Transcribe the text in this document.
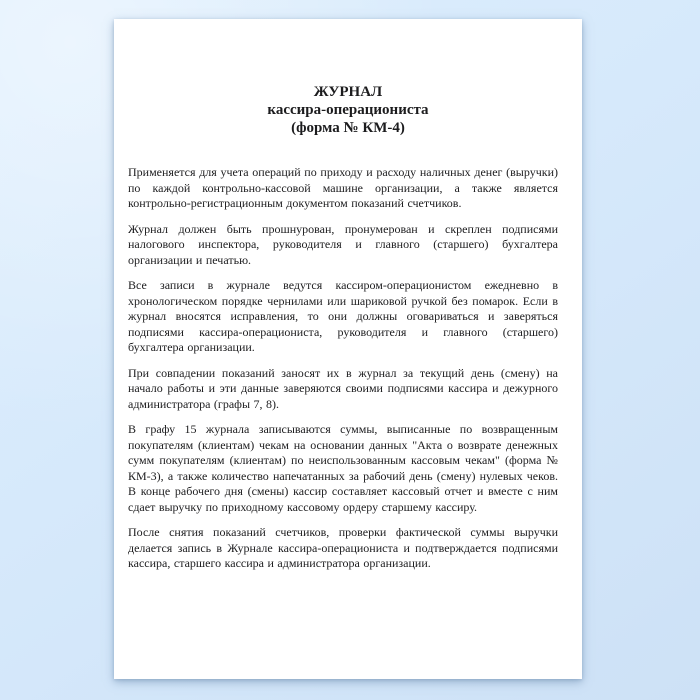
ЖУРНАЛ
кассира-операциониста
(форма № КМ-4)

Применяется для учета операций по приходу и расходу наличных денег (выручки) по каждой контрольно-кассовой машине организации, а также является контрольно-регистрационным документом показаний счетчиков.

Журнал должен быть прошнурован, пронумерован и скреплен подписями налогового инспектора, руководителя и главного (старшего) бухгалтера организации и печатью.

Все записи в журнале ведутся кассиром-операционистом ежедневно в хронологическом порядке чернилами или шариковой ручкой без помарок. Если в журнал вносятся исправления, то они должны оговариваться и заверяться подписями кассира-операциониста, руководителя и главного (старшего) бухгалтера организации.

При совпадении показаний заносят их в журнал за текущий день (смену) на начало работы и эти данные заверяются своими подписями кассира и дежурного администратора (графы 7, 8).

В графу 15 журнала записываются суммы, выписанные по возвращенным покупателям (клиентам) чекам на основании данных "Акта о возврате денежных сумм покупателям (клиентам) по неиспользованным кассовым чекам" (форма № КМ-3), а также количество напечатанных за рабочий день (смену) нулевых чеков. В конце рабочего дня (смены) кассир составляет кассовый отчет и вместе с ним сдает выручку по приходному кассовому ордеру старшему кассиру.

После снятия показаний счетчиков, проверки фактической суммы выручки делается запись в Журнале кассира-операциониста и подтверждается подписями кассира, старшего кассира и администратора организации.
